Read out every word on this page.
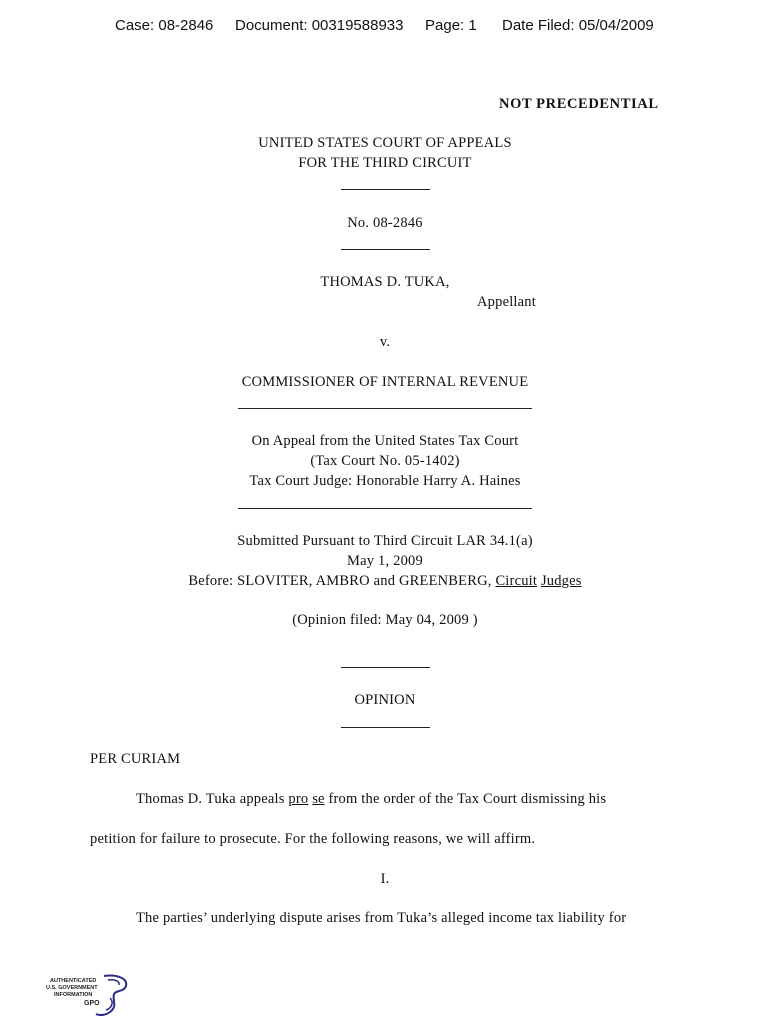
Case: 08-2846 Document: 00319588933 Page: 1 Date Filed: 05/04/2009
NOT PRECEDENTIAL
UNITED STATES COURT OF APPEALS
FOR THE THIRD CIRCUIT
No. 08-2846
THOMAS D. TUKA,
Appellant
v.
COMMISSIONER OF INTERNAL REVENUE
On Appeal from the United States Tax Court
(Tax Court No. 05-1402)
Tax Court Judge: Honorable Harry A. Haines
Submitted Pursuant to Third Circuit LAR 34.1(a)
May 1, 2009
Before: SLOVITER, AMBRO and GREENBERG, Circuit Judges
(Opinion filed: May 04, 2009 )
OPINION
PER CURIAM
Thomas D. Tuka appeals pro se from the order of the Tax Court dismissing his
petition for failure to prosecute. For the following reasons, we will affirm.
I.
The parties’ underlying dispute arises from Tuka’s alleged income tax liability for
AUTHENTICATED
U.S. GOVERNMENT
INFORMATION
GPO
